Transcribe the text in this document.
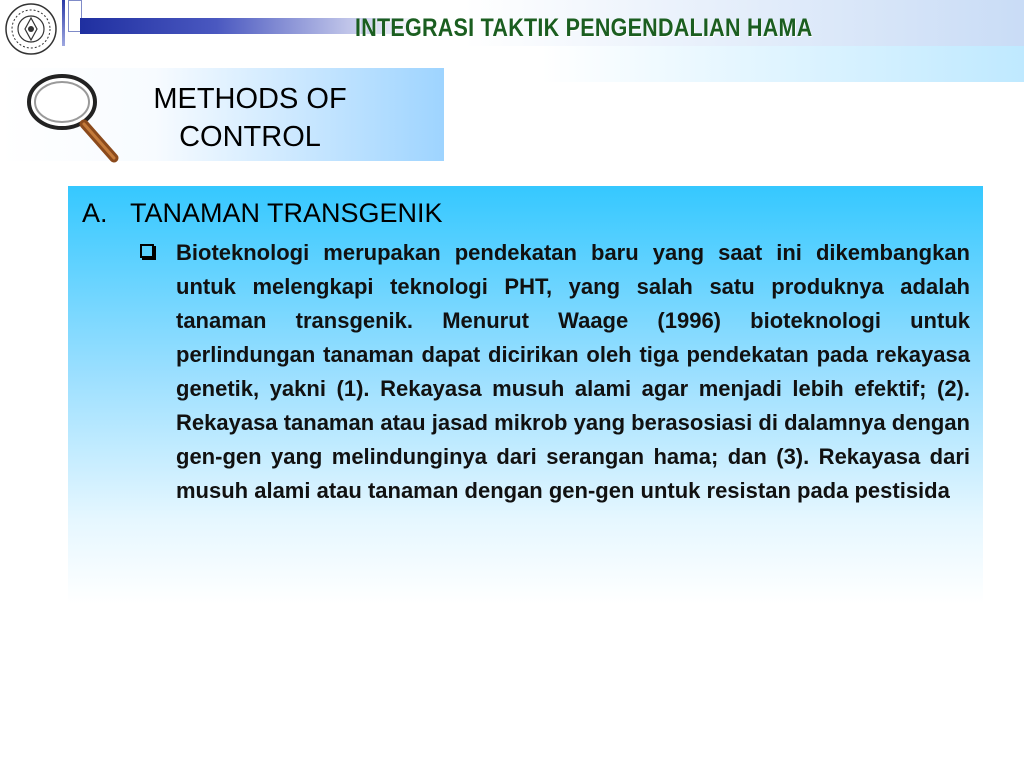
INTEGRASI TAKTIK PENGENDALIAN HAMA
METHODS OF
CONTROL
A. TANAMAN TRANSGENIK

Bioteknologi merupakan pendekatan baru yang saat ini dikembangkan untuk melengkapi teknologi PHT, yang salah satu produknya adalah tanaman transgenik. Menurut Waage (1996) bioteknologi untuk perlindungan tanaman dapat dicirikan oleh tiga pendekatan pada rekayasa genetik, yakni (1). Rekayasa musuh alami agar menjadi lebih efektif; (2). Rekayasa tanaman atau jasad mikrob yang berasosiasi di dalamnya dengan gen-gen yang melindunginya dari serangan hama; dan (3). Rekayasa dari musuh alami atau tanaman dengan gen-gen untuk resistan pada pestisida
